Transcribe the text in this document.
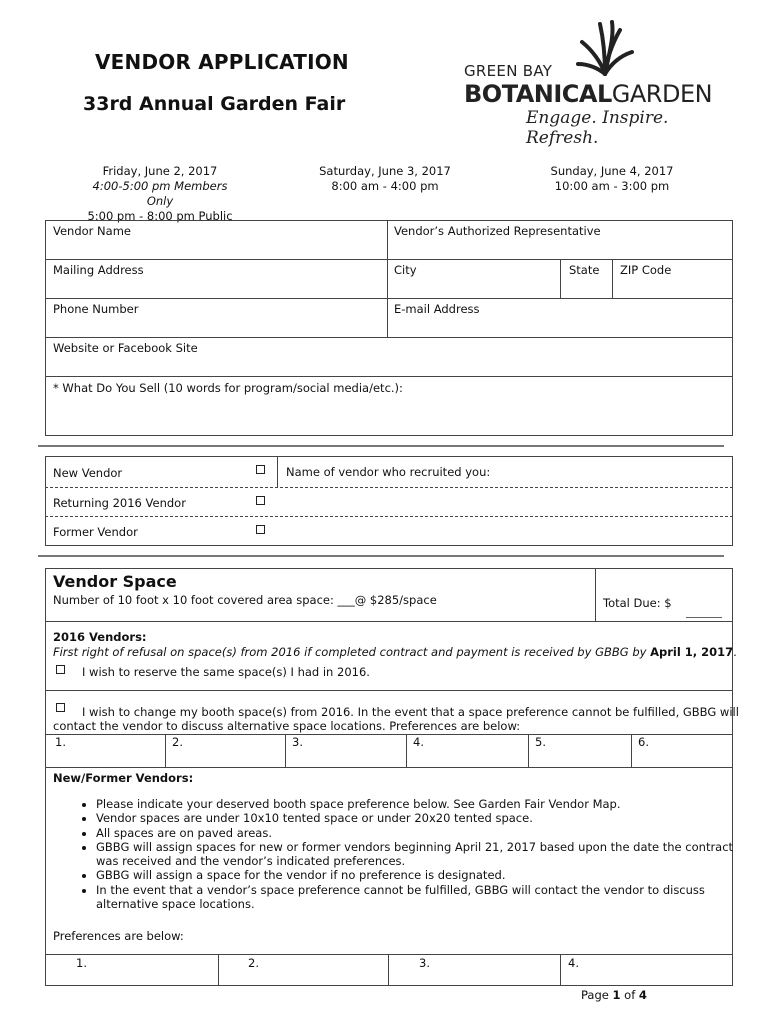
VENDOR APPLICATION
33rd Annual Garden Fair
GREEN BAY
BOTANICALGARDEN
Engage. Inspire. Refresh.
Friday, June 2, 2017
4:00-5:00 pm Members Only
5:00 pm - 8:00 pm Public
Saturday, June 3, 2017
8:00 am - 4:00 pm
Sunday, June 4, 2017
10:00 am - 3:00 pm
Vendor Name	Vendor’s Authorized Representative
Mailing Address	City	State ZIP Code
Phone Number	E-mail Address
Website or Facebook Site
* What Do You Sell (10 words for program/social media/etc.):
New Vendor	Name of vendor who recruited you:
Returning 2016 Vendor
Former Vendor
Vendor Space
Number of 10 foot x 10 foot covered area space: ___@ $285/space	Total Due: $
2016 Vendors:
First right of refusal on space(s) from 2016 if completed contract and payment is received by GBBG by April 1, 2017.
I wish to reserve the same space(s) I had in 2016.
I wish to change my booth space(s) from 2016. In the event that a space preference cannot be fulfilled, GBBG will
contact the vendor to discuss alternative space locations. Preferences are below:
1.	2.	3.	4.	5.	6.
New/Former Vendors:
• Please indicate your deserved booth space preference below. See Garden Fair Vendor Map.
• Vendor spaces are under 10x10 tented space or under 20x20 tented space.
• All spaces are on paved areas.
• GBBG will assign spaces for new or former vendors beginning April 21, 2017 based upon the date the contract was received and the vendor’s indicated preferences.
• GBBG will assign a space for the vendor if no preference is designated.
• In the event that a vendor’s space preference cannot be fulfilled, GBBG will contact the vendor to discuss alternative space locations.
Preferences are below:
1.	2.	3.	4.
Page 1 of 4
